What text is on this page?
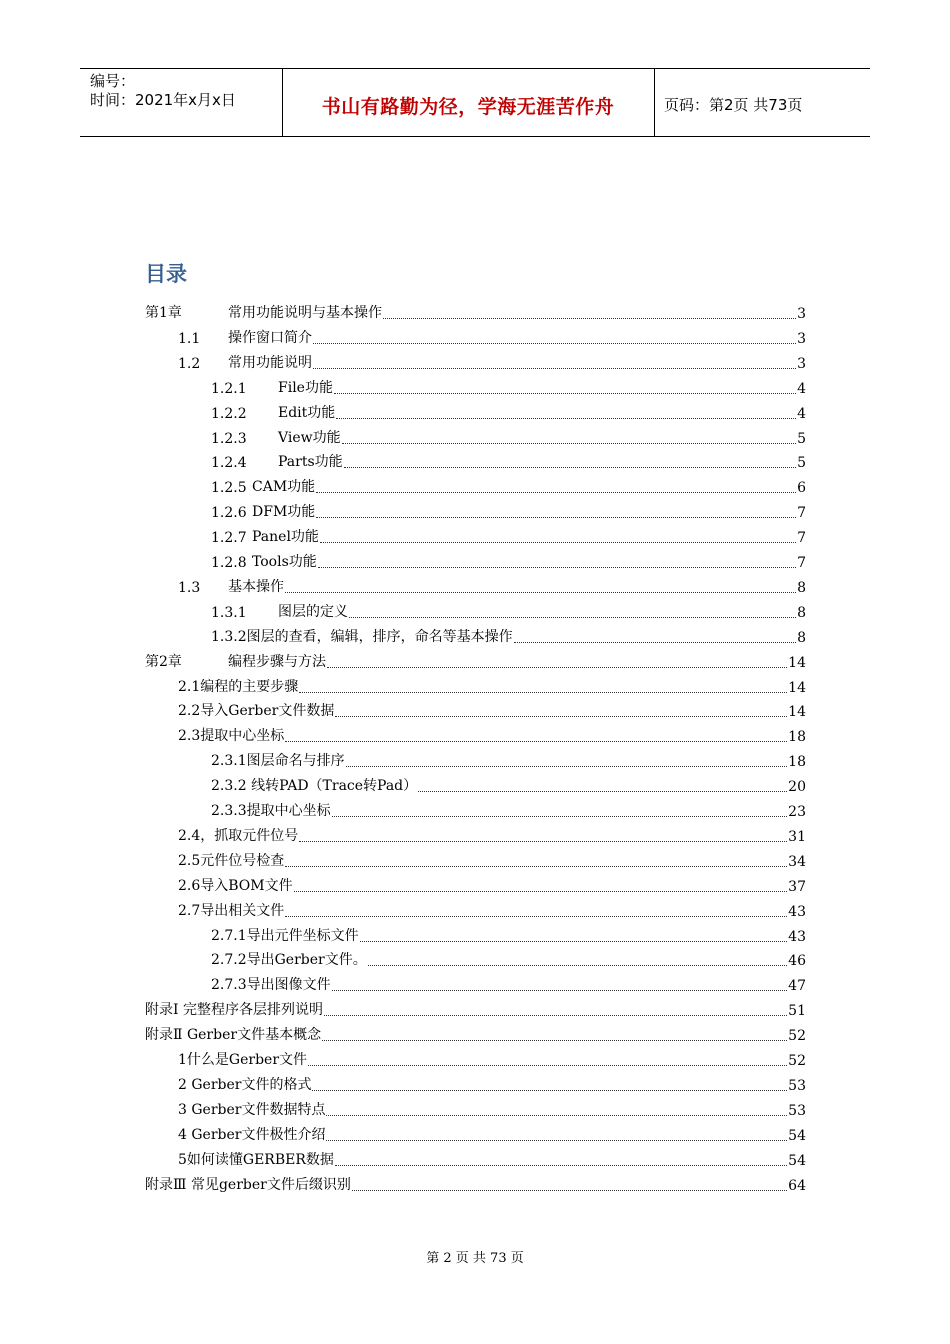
编号：
时间：2021年x月x日	书山有路勤为径，学海无涯苦作舟	页码：第2页 共73页
目录
第1章	常用功能说明与基本操作	3
1.1	操作窗口简介	3
1.2	常用功能说明	3
1.2.1	File功能	4
1.2.2	Edit功能	4
1.2.3	View功能	5
1.2.4	Parts功能	5
1.2.5 CAM功能	6
1.2.6 DFM功能	7
1.2.7 Panel功能	7
1.2.8 Tools功能	7
1.3	基本操作	8
1.3.1	图层的定义	8
1.3.2图层的查看，编辑，排序，命名等基本操作	8
第2章	编程步骤与方法	14
2.1编程的主要步骤	14
2.2导入Gerber文件数据	14
2.3提取中心坐标	18
2.3.1图层命名与排序	18
2.3.2 线转PAD（Trace转Pad）	20
2.3.3提取中心坐标	23
2.4，抓取元件位号	31
2.5元件位号检查	34
2.6导入BOM文件	37
2.7导出相关文件	43
2.7.1导出元件坐标文件	43
2.7.2导出Gerber文件。	46
2.7.3导出图像文件	47
附录Ⅰ 完整程序各层排列说明	51
附录Ⅱ Gerber文件基本概念	52
1什么是Gerber文件	52
2 Gerber文件的格式	53
3 Gerber文件数据特点	53
4 Gerber文件极性介绍	54
5如何读懂GERBER数据	54
附录Ⅲ 常见gerber文件后缀识别	64
第 2 页 共 73 页
